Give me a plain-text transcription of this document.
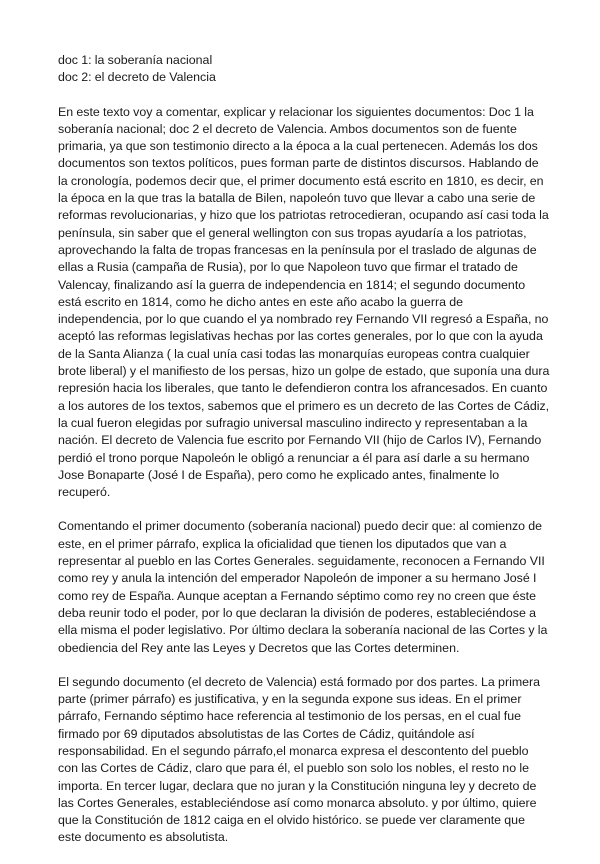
doc 1: la soberanía nacional

doc 2: el decreto de Valencia

En este texto voy a comentar, explicar y relacionar los siguientes documentos: Doc 1 la soberanía nacional; doc 2 el decreto de Valencia. Ambos documentos son de fuente primaria, ya que son testimonio directo a la época a la cual pertenecen. Además los dos documentos son textos políticos, pues forman parte de distintos discursos. Hablando de la cronología, podemos decir que, el primer documento está escrito en 1810, es decir, en la época en la que tras la batalla de Bilen, napoleón tuvo que llevar a cabo una serie de reformas revolucionarias, y hizo que los patriotas retrocedieran, ocupando así casi toda la península, sin saber que el general wellington con sus tropas ayudaría a los patriotas, aprovechando la falta de tropas francesas en la península por el traslado de algunas de ellas a Rusia (campaña de Rusia), por lo que Napoleon tuvo que firmar el tratado de Valencay, finalizando así la guerra de independencia en 1814; el segundo documento está escrito en 1814, como he dicho antes en este año acabo la guerra de independencia, por lo que cuando el ya nombrado rey Fernando VII regresó a España, no aceptó las reformas legislativas hechas por las cortes generales, por lo que con la ayuda de la Santa Alianza ( la cual unía casi todas las monarquías europeas contra cualquier brote liberal) y el manifiesto de los persas, hizo un golpe de estado, que suponía una dura represión hacia los liberales, que tanto le defendieron contra los afrancesados. En cuanto a los autores de los textos, sabemos que el primero es un decreto de las Cortes de Cádiz, la cual fueron elegidas por sufragio universal masculino indirecto y representaban a la nación. El decreto de Valencia fue escrito por Fernando VII (hijo de Carlos IV), Fernando perdió el trono porque Napoleón le obligó a renunciar a él para así darle a su hermano Jose Bonaparte (José I de España), pero como he explicado antes, finalmente lo recuperó.

Comentando el primer documento (soberanía nacional) puedo decir que: al comienzo de este, en el primer párrafo, explica la oficialidad que tienen los diputados que van a representar al pueblo en las Cortes Generales. seguidamente, reconocen a Fernando VII como rey y anula la intención del emperador Napoleón de imponer a su hermano José I como rey de España. Aunque aceptan a Fernando séptimo como rey no creen que éste deba reunir todo el poder, por lo que declaran la división de poderes, estableciéndose a ella misma el poder legislativo. Por último declara la soberanía nacional de las Cortes y la obediencia del Rey ante las Leyes y Decretos que las Cortes determinen.

El segundo documento (el decreto de Valencia) está formado por dos partes. La primera parte (primer párrafo) es justificativa, y en la segunda expone sus ideas. En el primer párrafo, Fernando séptimo hace referencia al testimonio de los persas, en el cual fue firmado por 69 diputados absolutistas de las Cortes de Cádiz, quitándole así responsabilidad. En el segundo párrafo,el monarca expresa el descontento del pueblo con las Cortes de Cádiz, claro que para él, el pueblo son solo los nobles, el resto no le importa. En tercer lugar, declara que no juran y la Constitución ninguna ley y decreto de las Cortes Generales, estableciéndose así como monarca absoluto. y por último, quiere que la Constitución de 1812 caiga en el olvido histórico. se puede ver claramente que este documento es absolutista.
